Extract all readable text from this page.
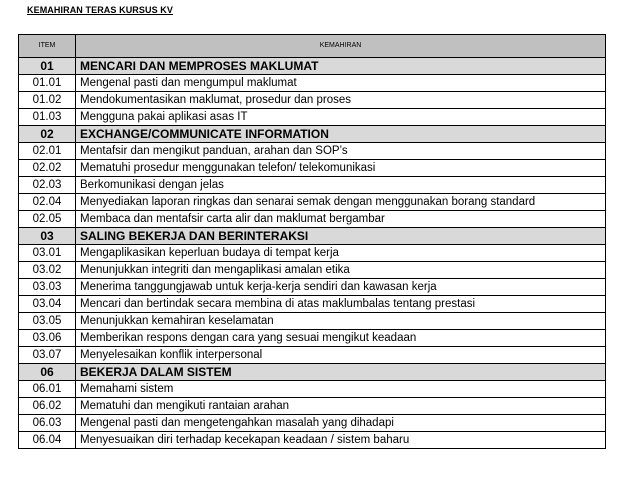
KEMAHIRAN TERAS KURSUS KV
ITEM	KEMAHIRAN
01	MENCARI DAN MEMPROSES MAKLUMAT
01.01	Mengenal pasti dan mengumpul maklumat
01.02	Mendokumentasikan maklumat, prosedur dan proses
01.03	Mengguna pakai aplikasi asas IT
02	EXCHANGE/COMMUNICATE INFORMATION
02.01	Mentafsir dan mengikut panduan, arahan dan SOP’s
02.02	Mematuhi prosedur menggunakan telefon/ telekomunikasi
02.03	Berkomunikasi dengan jelas
02.04	Menyediakan laporan ringkas dan senarai semak dengan menggunakan borang standard
02.05	Membaca dan mentafsir carta alir dan maklumat bergambar
03	SALING BEKERJA DAN BERINTERAKSI
03.01	Mengaplikasikan keperluan budaya di tempat kerja
03.02	Menunjukkan integriti dan mengaplikasi amalan etika
03.03	Menerima tanggungjawab untuk kerja-kerja sendiri dan kawasan kerja
03.04	Mencari dan bertindak secara membina di atas maklumbalas tentang prestasi
03.05	Menunjukkan kemahiran keselamatan
03.06	Memberikan respons dengan cara yang sesuai mengikut keadaan
03.07	Menyelesaikan konflik interpersonal
06	BEKERJA DALAM SISTEM
06.01	Memahami sistem
06.02	Mematuhi dan mengikuti rantaian arahan
06.03	Mengenal pasti dan mengetengahkan masalah yang dihadapi
06.04	Menyesuaikan diri terhadap kecekapan keadaan / sistem baharu
